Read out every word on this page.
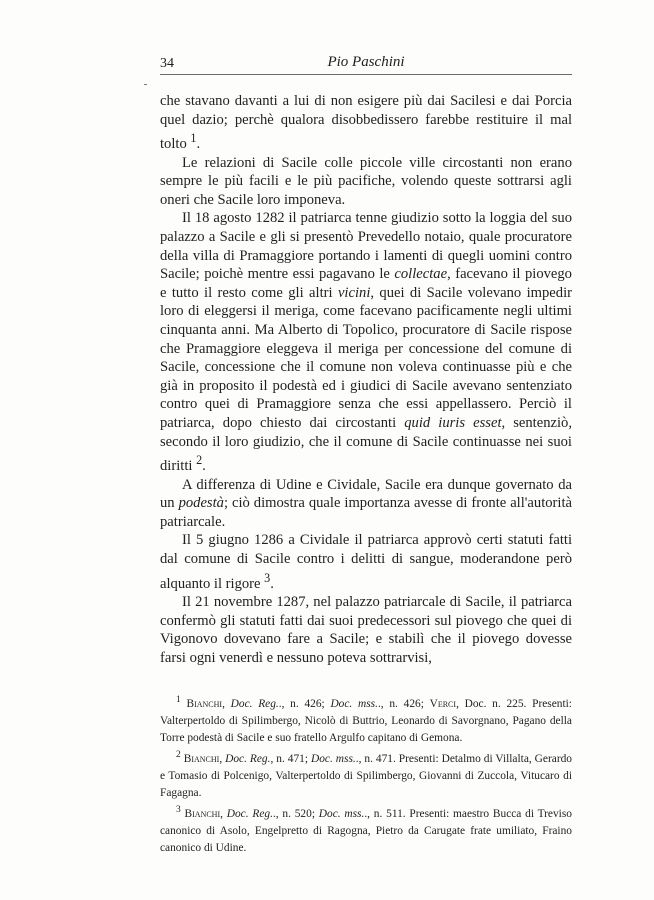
34	Pio Paschini

che stavano davanti a lui di non esigere più dai Sacilesi e dai Porcia quel dazio; perchè qualora disobbedissero farebbe restituire il mal tolto $^1$.

Le relazioni di Sacile colle piccole ville circostanti non erano sempre le più facili e le più pacifiche, volendo queste sottrarsi agli oneri che Sacile loro imponeva.

Il 18 agosto 1282 il patriarca tenne giudizio sotto la loggia del suo palazzo a Sacile e gli si presentò Prevedello notaio, quale procuratore della villa di Pramaggiore portando i lamenti di quegli uomini contro Sacile; poichè mentre essi pagavano le collectae, facevano il piovego e tutto il resto come gli altri vicini, quei di Sacile volevano impedir loro di eleggersi il meriga, come facevano pacificamente negli ultimi cinquanta anni. Ma Alberto di Topolico, procuratore di Sacile rispose che Pramaggiore eleggeva il meriga per concessione del comune di Sacile, concessione che il comune non voleva continuasse più e che già in proposito il podestà ed i giudici di Sacile avevano sentenziato contro quei di Pramaggiore senza che essi appellassero. Perciò il patriarca, dopo chiesto dai circostanti quid iuris esset, sentenziò, secondo il loro giudizio, che il comune di Sacile continuasse nei suoi diritti $^2$.

A differenza di Udine e Cividale, Sacile era dunque governato da un podestà; ciò dimostra quale importanza avesse di fronte all'autorità patriarcale.

Il 5 giugno 1286 a Cividale il patriarca approvò certi statuti fatti dal comune di Sacile contro i delitti di sangue, moderandone però alquanto il rigore $^3$.

Il 21 novembre 1287, nel palazzo patriarcale di Sacile, il patriarca confermò gli statuti fatti dai suoi predecessori sul piovego che quei di Vigonovo dovevano fare a Sacile; e stabilì che il piovego dovesse farsi ogni venerdì e nessuno poteva sottrarvisi,

$^1$ Bianchi, Doc. Reg.., n. 426; Doc. mss.., n. 426; Verci, Doc. n. 225. Presenti: Valterpertoldo di Spilimbergo, Nicolò di Buttrio, Leonardo di Savorgnano, Pagano della Torre podestà di Sacile e suo fratello Argulfo capitano di Gemona.

$^2$ Bianchi, Doc. Reg., n. 471; Doc. mss.., n. 471. Presenti: Detalmo di Villalta, Gerardo e Tomasio di Polcenigo, Valterpertoldo di Spilimbergo, Giovanni di Zuccola, Vitucaro di Fagagna.

$^3$ Bianchi, Doc. Reg.., n. 520; Doc. mss.., n. 511. Presenti: maestro Bucca di Treviso canonico di Asolo, Engelpretto di Ragogna, Pietro da Carugate frate umiliato, Fraino canonico di Udine.
